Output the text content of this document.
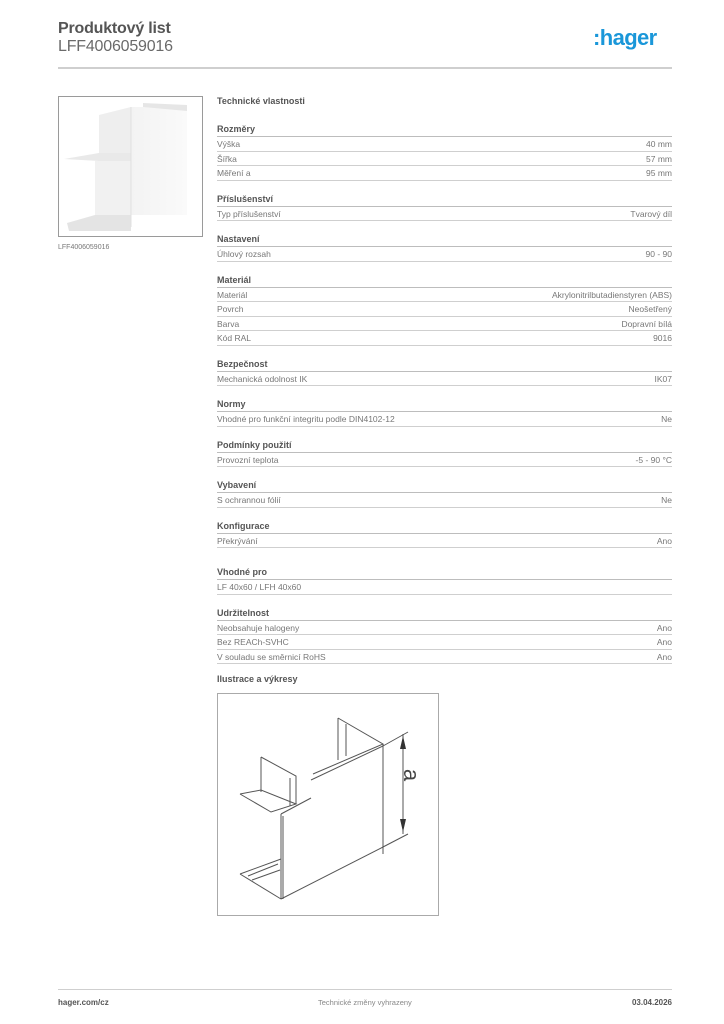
Produktový list
LFF4006059016	:hager
LFF4006059016
Technické vlastnosti
Rozměry
Výška	40 mm
Šířka	57 mm
Měření a	95 mm
Příslušenství
Typ příslušenství	Tvarový díl
Nastavení
Úhlový rozsah	90 - 90
Materiál
Materiál	Akrylonitrilbutadienstyren (ABS)
Povrch	Neošetřený
Barva	Dopravní bílá
Kód RAL	9016
Bezpečnost
Mechanická odolnost IK	IK07
Normy
Vhodné pro funkční integritu podle DIN4102-12	Ne
Podmínky použití
Provozní teplota	-5 - 90 °C
Vybavení
S ochrannou fólií	Ne
Konfigurace
Překrývání	Ano
Vhodné pro
LF 40x60 / LFH 40x60
Udržitelnost
Neobsahuje halogeny	Ano
Bez REACh-SVHC	Ano
V souladu se směrnicí RoHS	Ano
Ilustrace a výkresy
a
hager.com/cz	Technické změny vyhrazeny	03.04.2026
